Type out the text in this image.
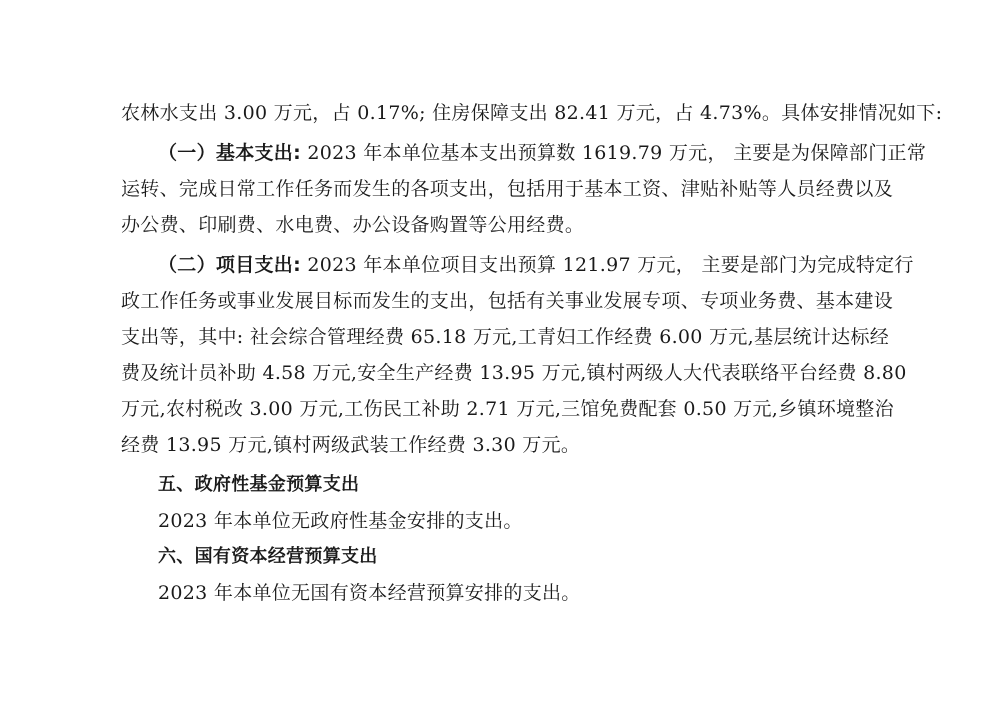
农林水支出 3.00 万元，占 0.17%; 住房保障支出 82.41 万元，占 4.73%。具体安排情况如下:
（一）基本支出: 2023 年本单位基本支出预算数 1619.79 万元， 主要是为保障部门正常
运转、完成日常工作任务而发生的各项支出，包括用于基本工资、津贴补贴等人员经费以及
办公费、印刷费、水电费、办公设备购置等公用经费。
（二）项目支出: 2023 年本单位项目支出预算 121.97 万元， 主要是部门为完成特定行
政工作任务或事业发展目标而发生的支出，包括有关事业发展专项、专项业务费、基本建设
支出等，其中: 社会综合管理经费 65.18 万元,工青妇工作经费 6.00 万元,基层统计达标经
费及统计员补助 4.58 万元,安全生产经费 13.95 万元,镇村两级人大代表联络平台经费 8.80
万元,农村税改 3.00 万元,工伤民工补助 2.71 万元,三馆免费配套 0.50 万元,乡镇环境整治
经费 13.95 万元,镇村两级武装工作经费 3.30 万元。
五、政府性基金预算支出
2023 年本单位无政府性基金安排的支出。
六、国有资本经营预算支出
2023 年本单位无国有资本经营预算安排的支出。
